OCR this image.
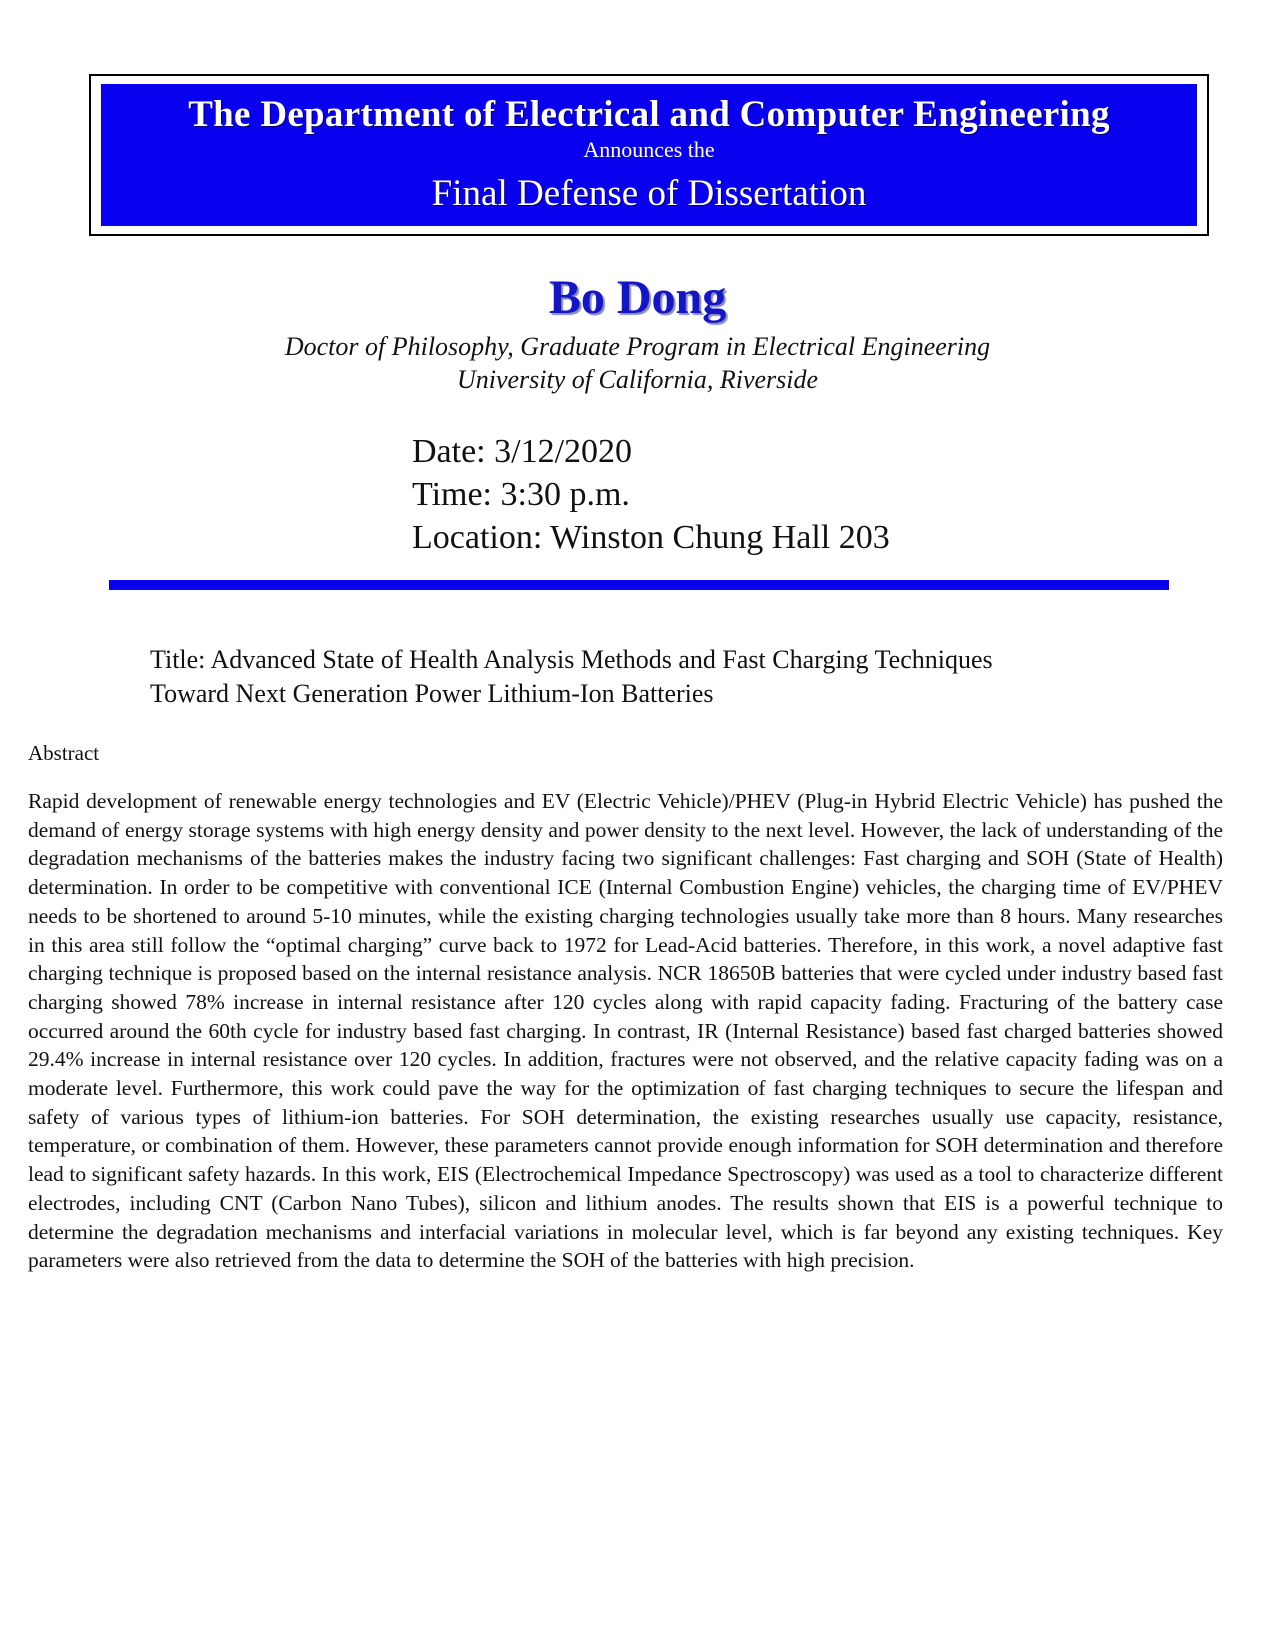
The Department of Electrical and Computer Engineering
Announces the
Final Defense of Dissertation
Bo Dong
Doctor of Philosophy, Graduate Program in Electrical Engineering
University of California, Riverside
Date: 3/12/2020
Time: 3:30 p.m.
Location: Winston Chung Hall 203
Title: Advanced State of Health Analysis Methods and Fast Charging Techniques
Toward Next Generation Power Lithium-Ion Batteries
Abstract
Rapid development of renewable energy technologies and EV (Electric Vehicle)/PHEV (Plug-in Hybrid Electric Vehicle) has pushed the demand of energy storage systems with high energy density and power density to the next level. However, the lack of understanding of the degradation mechanisms of the batteries makes the industry facing two significant challenges: Fast charging and SOH (State of Health) determination. In order to be competitive with conventional ICE (Internal Combustion Engine) vehicles, the charging time of EV/PHEV needs to be shortened to around 5-10 minutes, while the existing charging technologies usually take more than 8 hours. Many researches in this area still follow the “optimal charging” curve back to 1972 for Lead-Acid batteries. Therefore, in this work, a novel adaptive fast charging technique is proposed based on the internal resistance analysis. NCR 18650B batteries that were cycled under industry based fast charging showed 78% increase in internal resistance after 120 cycles along with rapid capacity fading. Fracturing of the battery case occurred around the 60th cycle for industry based fast charging. In contrast, IR (Internal Resistance) based fast charged batteries showed 29.4% increase in internal resistance over 120 cycles. In addition, fractures were not observed, and the relative capacity fading was on a moderate level. Furthermore, this work could pave the way for the optimization of fast charging techniques to secure the lifespan and safety of various types of lithium-ion batteries. For SOH determination, the existing researches usually use capacity, resistance, temperature, or combination of them. However, these parameters cannot provide enough information for SOH determination and therefore lead to significant safety hazards. In this work, EIS (Electrochemical Impedance Spectroscopy) was used as a tool to characterize different electrodes, including CNT (Carbon Nano Tubes), silicon and lithium anodes. The results shown that EIS is a powerful technique to determine the degradation mechanisms and interfacial variations in molecular level, which is far beyond any existing techniques. Key parameters were also retrieved from the data to determine the SOH of the batteries with high precision.
